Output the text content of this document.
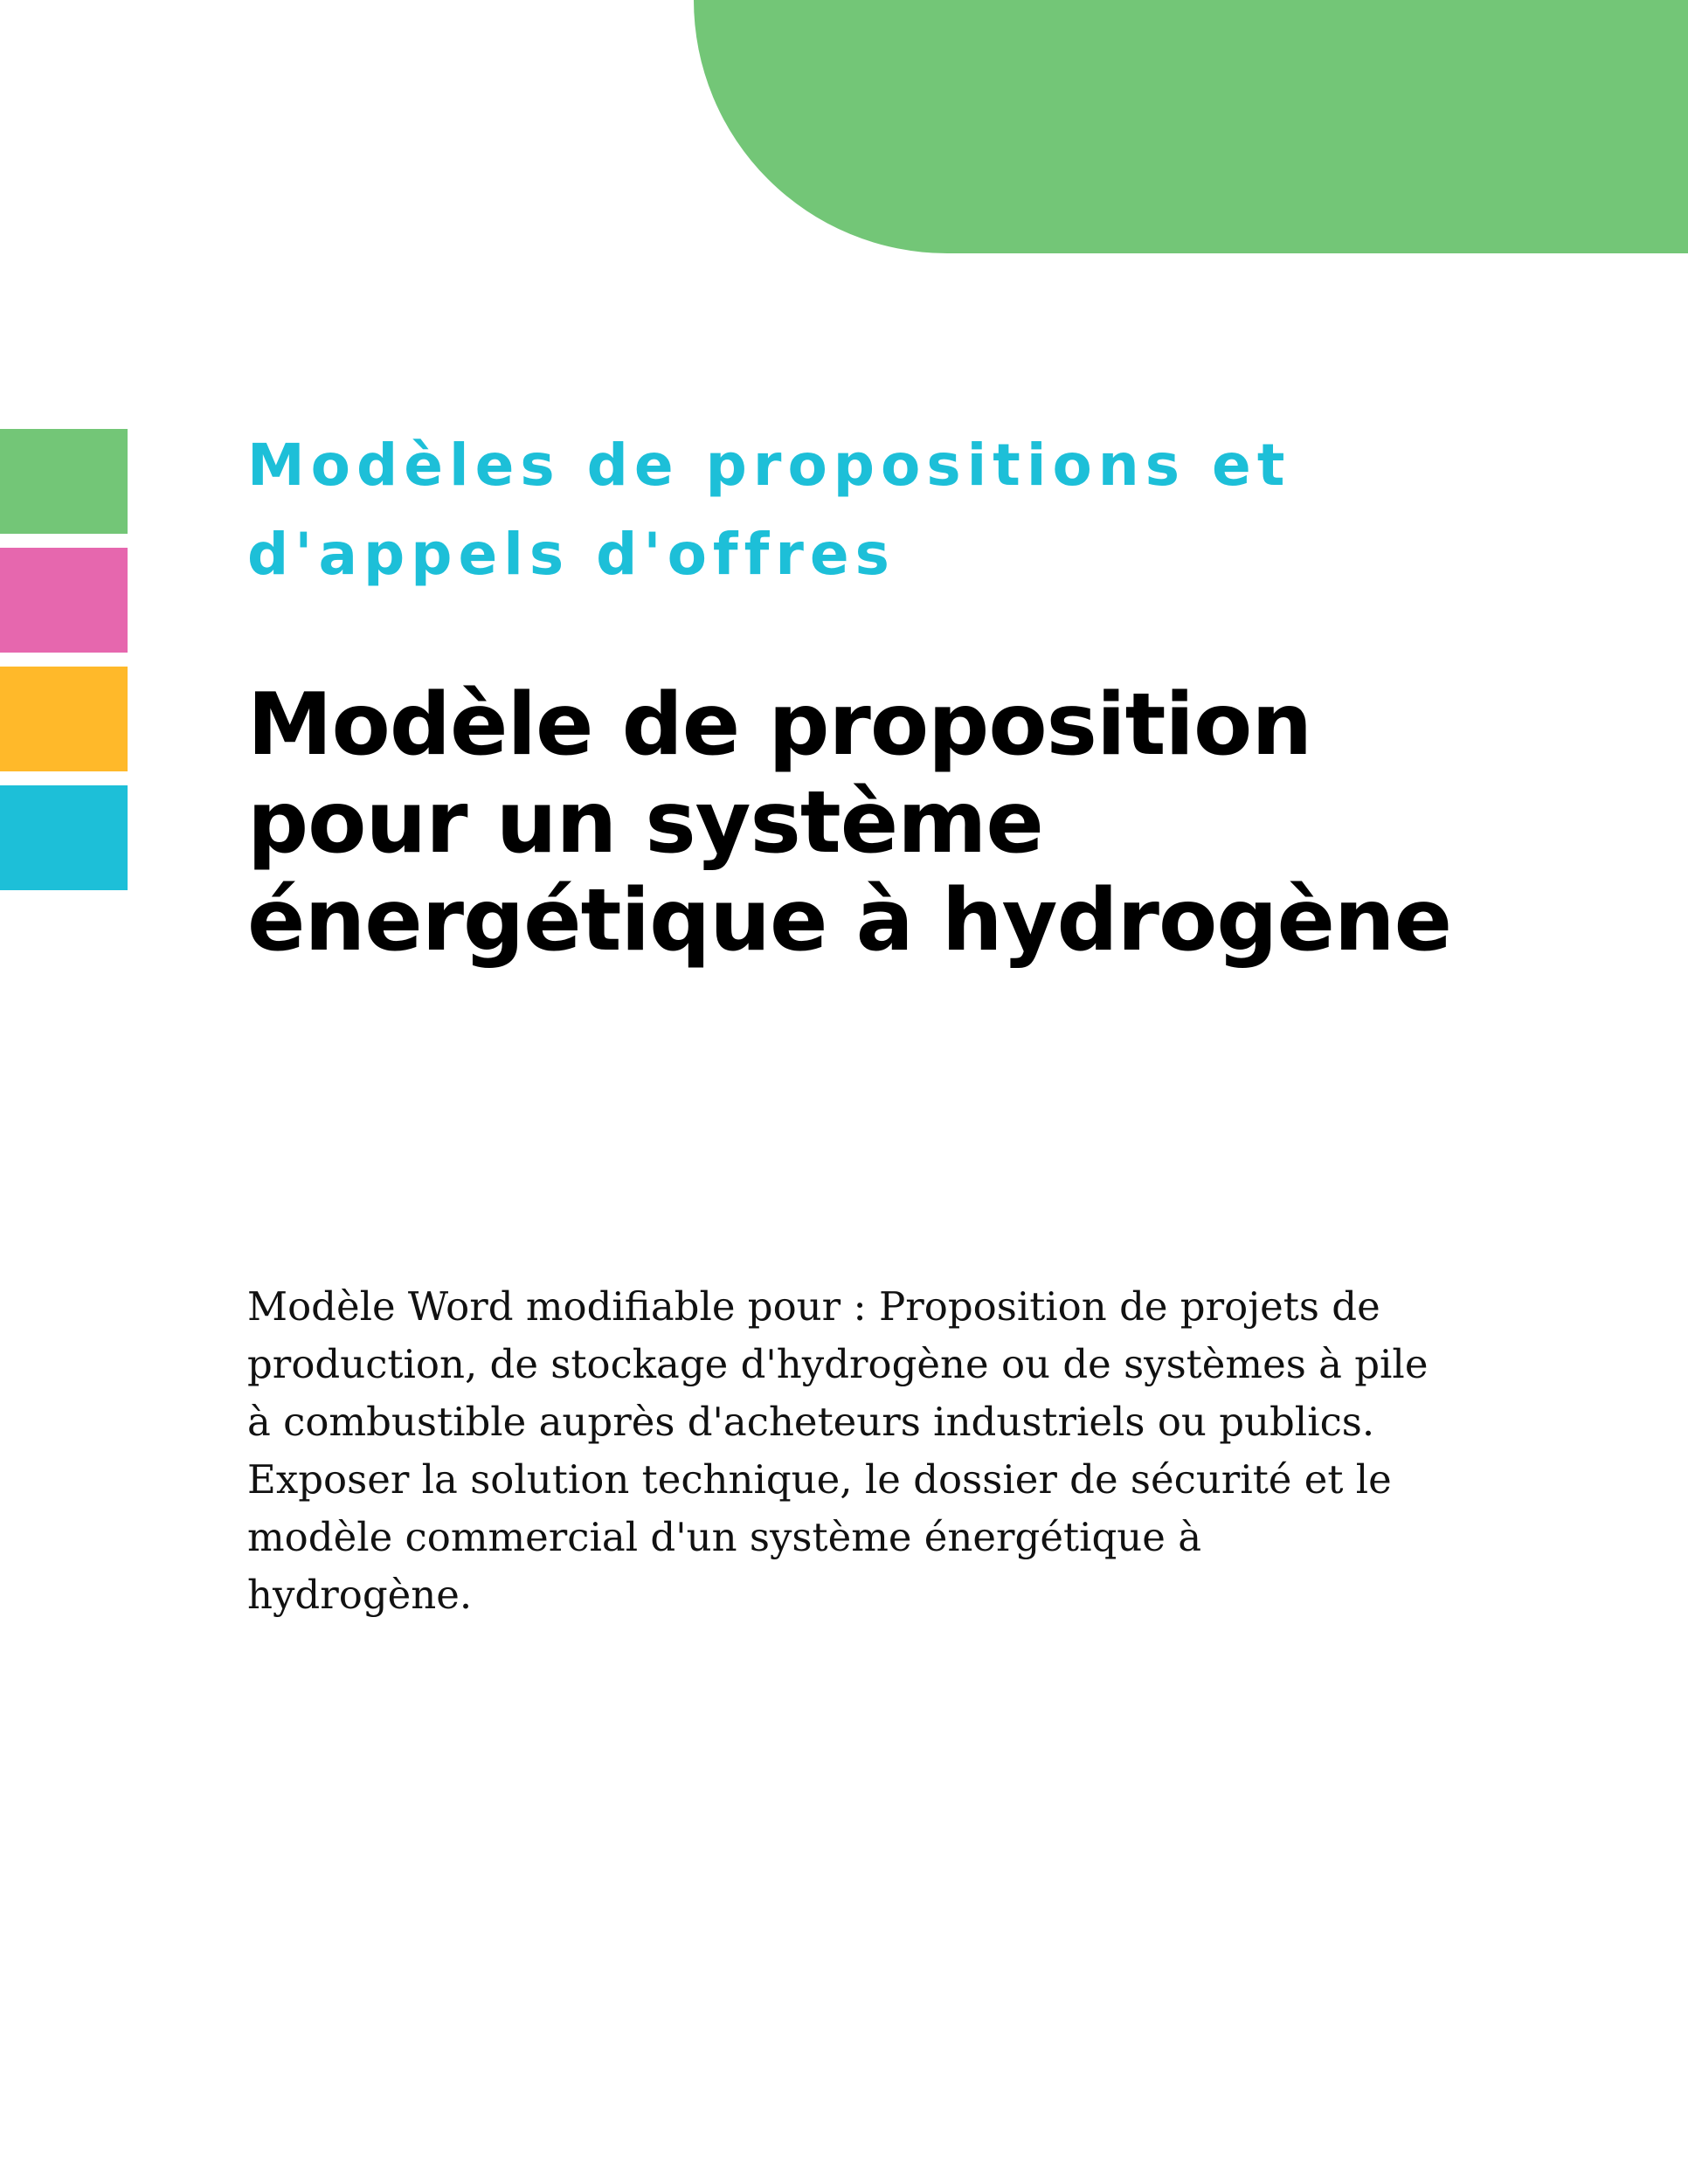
Modèles de propositions et
d'appels d'offres
Modèle de proposition
pour un système
énergétique à hydrogène

Modèle Word modifiable pour : Proposition de projets de
production, de stockage d'hydrogène ou de systèmes à pile
à combustible auprès d'acheteurs industriels ou publics.
Exposer la solution technique, le dossier de sécurité et le
modèle commercial d'un système énergétique à
hydrogène.
